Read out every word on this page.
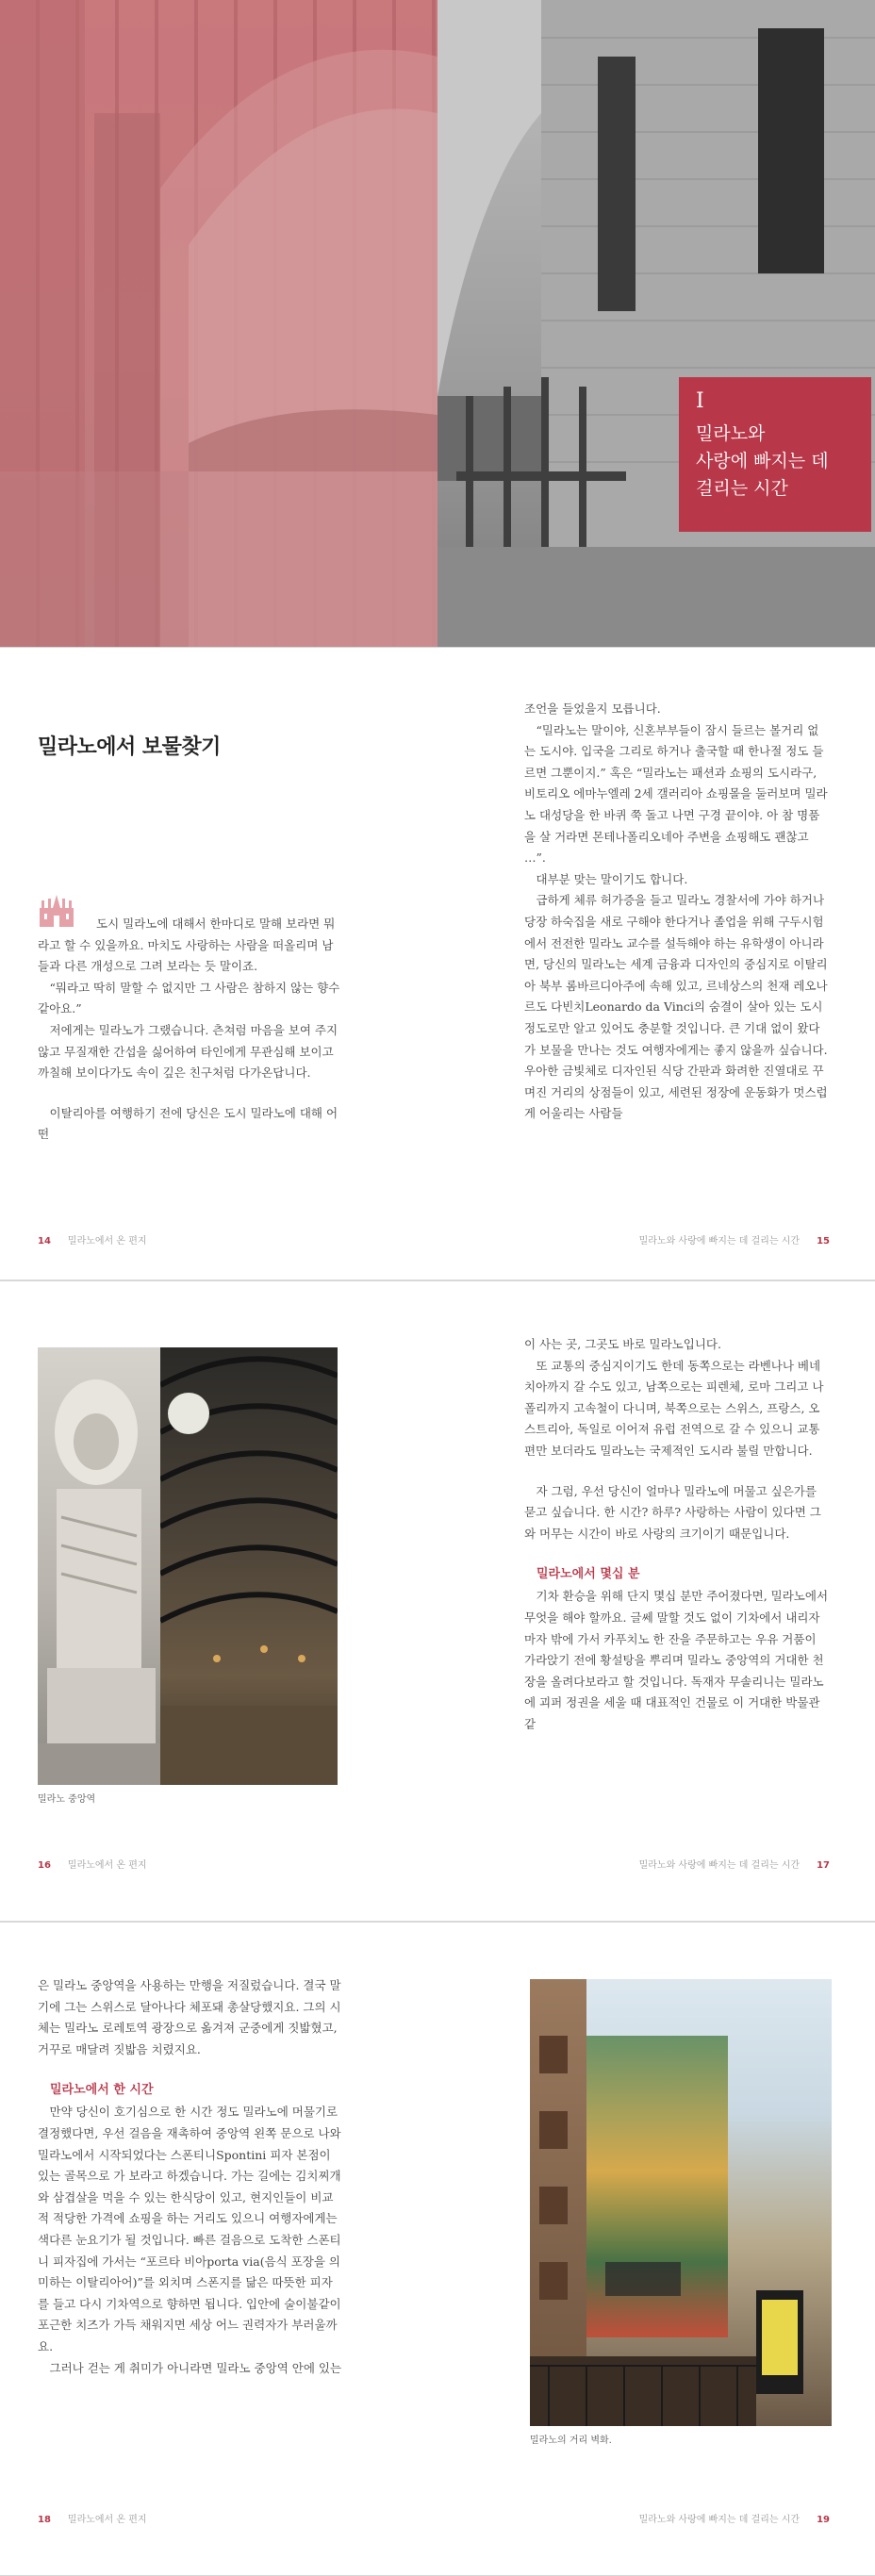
I
밀라노와
사랑에 빠지는 데
걸리는 시간
밀라노에서 보물찾기

도시 밀라노에 대해서 한마디로 말해 보라면 뭐라고 할 수 있을까요. 마치도 사랑하는 사람을 떠올리며 남들과 다른 개성으로 그려 보라는 듯 말이죠.

“뭐라고 딱히 말할 수 없지만 그 사람은 참하지 않는 향수 같아요.”

저에게는 밀라노가 그랬습니다. 츤쳐럼 마음을 보여 주지 않고 무질재한 간섭을 싫어하여 타인에게 무관심해 보이고 까칠해 보이다가도 속이 깊은 친구처럼 다가온답니다.

이탈리아를 여행하기 전에 당신은 도시 밀라노에 대해 어떤

14 밀라노에서 온 편지

조언을 들었을지 모릅니다.

“밀라노는 말이야, 신혼부부들이 잠시 들르는 볼거리 없는 도시야. 입국을 그리로 하거나 출국할 때 한나절 정도 들르면 그뿐이지.” 혹은 “밀라노는 패션과 쇼핑의 도시라구, 비토리오 에마누엘레 2세 갤러리아 쇼핑몰을 둘러보며 밀라노 대성당을 한 바퀴 쭉 돌고 나면 구경 끝이야. 아 참 명품을 살 거라면 몬테나폴리오네아 주변을 쇼핑해도 괜찮고 …”.

대부분 맞는 말이기도 합니다.

급하게 체류 허가증을 들고 밀라노 경찰서에 가야 하거나 당장 하숙집을 새로 구해야 한다거나 졸업을 위해 구두시험에서 전전한 밀라노 교수를 설득해야 하는 유학생이 아니라면, 당신의 밀라노는 세계 금융과 디자인의 중심지로 이탈리아 북부 롬바르디아주에 속해 있고, 르네상스의 천재 레오나르도 다빈치Leonardo da Vinci의 숨결이 살아 있는 도시 정도로만 알고 있어도 충분할 것입니다. 큰 기대 없이 왔다가 보물을 만나는 것도 여행자에게는 좋지 않을까 싶습니다. 우아한 금빛체로 디자인된 식당 간판과 화려한 진열대로 꾸며진 거리의 상점들이 있고, 세련된 정장에 운동화가 멋스럽게 어울리는 사람들

밀라노와 사랑에 빠지는 데 걸리는 시간 15
밀라노 중앙역
16 밀라노에서 온 편지

이 사는 곳, 그곳도 바로 밀라노입니다.

또 교통의 중심지이기도 한데 동쪽으로는 라벤나나 베네치아까지 갈 수도 있고, 남쪽으로는 피렌체, 로마 그리고 나폴리까지 고속철이 다니며, 북쪽으로는 스위스, 프랑스, 오스트리아, 독일로 이어져 유럽 전역으로 갈 수 있으니 교통편만 보더라도 밀라노는 국제적인 도시라 불릴 만합니다.

자 그럼, 우선 당신이 얼마나 밀라노에 머물고 싶은가를 묻고 싶습니다. 한 시간? 하루? 사랑하는 사람이 있다면 그와 머무는 시간이 바로 사랑의 크기이기 때문입니다.

밀라노에서 몇십 분

기차 환승을 위해 단지 몇십 분만 주어졌다면, 밀라노에서 무엇을 해야 할까요. 글쎄 말할 것도 없이 기차에서 내리자마자 밖에 가서 카푸치노 한 잔을 주문하고는 우유 거품이 가라앉기 전에 황설탕을 뿌리며 밀라노 중앙역의 거대한 천장을 올려다보라고 할 것입니다. 독재자 무솔리니는 밀라노에 괴퍼 정권을 세울 때 대표적인 건물로 이 거대한 박물관 같

밀라노와 사랑에 빠지는 데 걸리는 시간 17

은 밀라노 중앙역을 사용하는 만행을 저질렀습니다. 결국 말기에 그는 스위스로 달아나다 체포돼 총살당했지요. 그의 시체는 밀라노 로레토역 광장으로 옮겨져 군중에게 짓밟혔고, 거꾸로 매달려 짓밟음 치렸지요.

밀라노에서 한 시간

만약 당신이 호기심으로 한 시간 정도 밀라노에 머물기로 결정했다면, 우선 걸음을 재촉하여 중앙역 왼쪽 문으로 나와 밀라노에서 시작되었다는 스폰티니Spontini 피자 본점이 있는 골목으로 가 보라고 하겠습니다. 가는 길에는 김치찌개와 삼겹살을 먹을 수 있는 한식당이 있고, 현지인들이 비교적 적당한 가격에 쇼핑을 하는 거리도 있으니 여행자에게는 색다른 눈요기가 될 것입니다. 빠른 걸음으로 도착한 스폰티니 피자집에 가서는 “포르타 비아porta via(음식 포장을 의미하는 이탈리아어)”를 외치며 스폰지를 닮은 따뜻한 피자를 들고 다시 기차역으로 향하면 됩니다. 입안에 술이불같이 포근한 치즈가 가득 채워지면 세상 어느 권력자가 부러울까요.

그러나 걷는 게 취미가 아니라면 밀라노 중앙역 안에 있는

18 밀라노에서 온 편지
밀라노의 거리 벽화.
밀라노와 사랑에 빠지는 데 걸리는 시간 19
